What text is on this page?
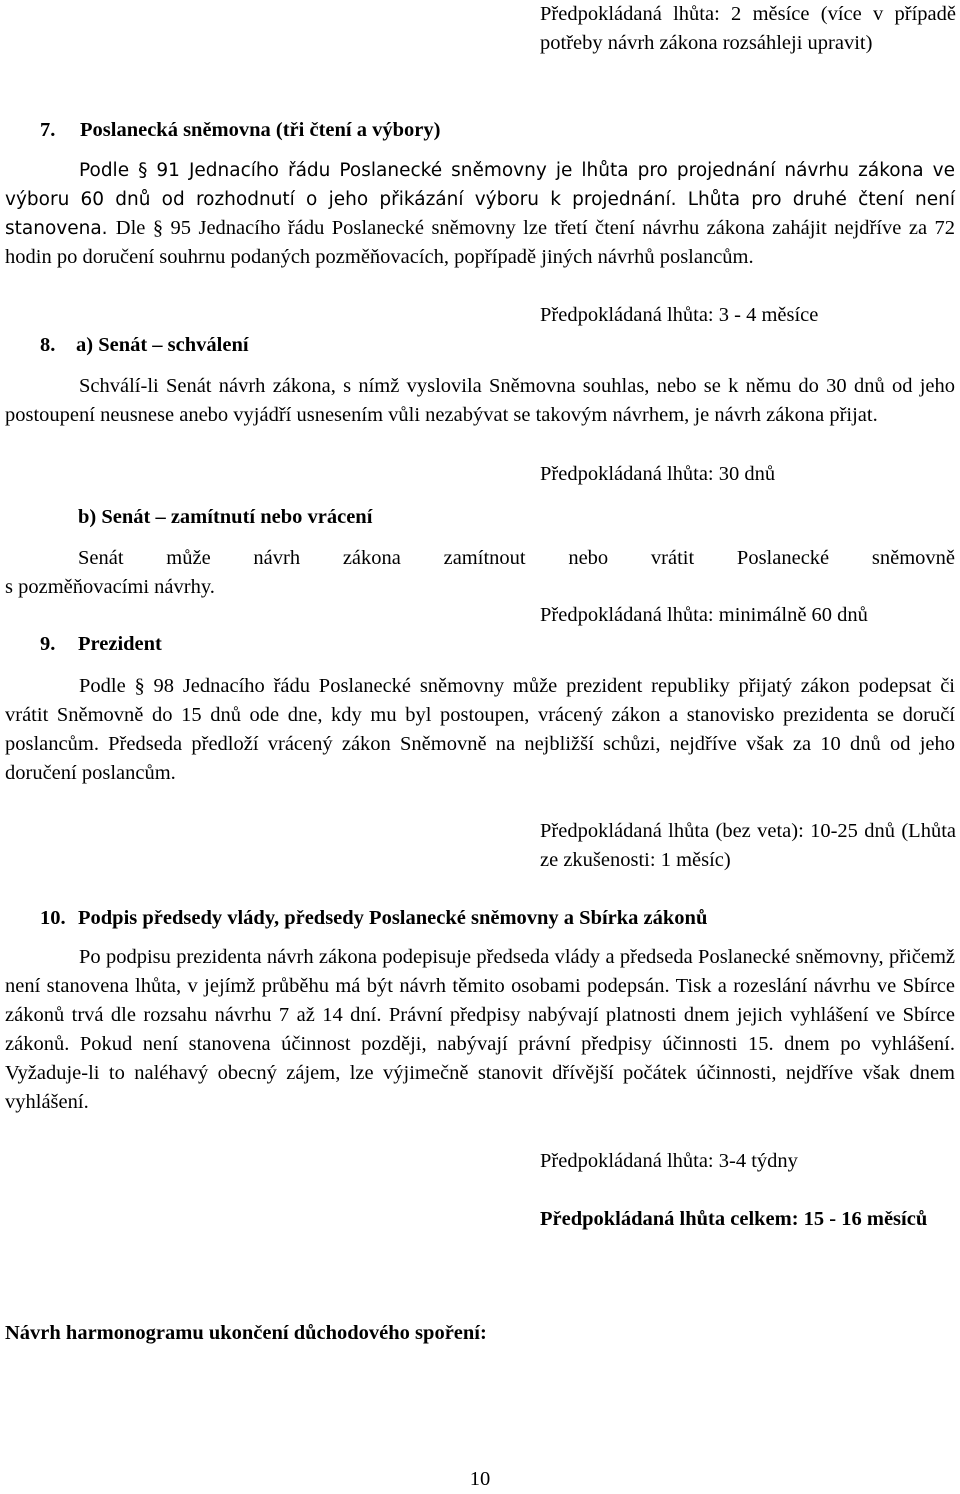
Předpokládaná lhůta: 2 měsíce (více v případě potřeby návrh zákona rozsáhleji upravit)

7. Poslanecká sněmovna (tři čtení a výbory)
Podle § 91 Jednacího řádu Poslanecké sněmovny je lhůta pro projednání návrhu zákona ve výboru 60 dnů od rozhodnutí o jeho přikázání výboru k projednání. Lhůta pro druhé čtení není stanovena. Dle § 95 Jednacího řádu Poslanecké sněmovny lze třetí čtení návrhu zákona zahájit nejdříve za 72 hodin po doručení souhrnu podaných pozměňovacích, popřípadě jiných návrhů poslancům.

Předpokládaná lhůta: 3 - 4 měsíce

8. a) Senát – schválení

Schválí-li Senát návrh zákona, s nímž vyslovila Sněmovna souhlas, nebo se k němu do 30 dnů od jeho postoupení neusnese anebo vyjádří usnesením vůli nezabývat se takovým návrhem, je návrh zákona přijat.

Předpokládaná lhůta: 30 dnů

b) Senát – zamítnutí nebo vrácení

Senát může návrh zákona zamítnout nebo vrátit Poslanecké sněmovně

s pozměňovacími návrhy.

Předpokládaná lhůta: minimálně 60 dnů

9. Prezident

Podle § 98 Jednacího řádu Poslanecké sněmovny může prezident republiky přijatý zákon podepsat či vrátit Sněmovně do 15 dnů ode dne, kdy mu byl postoupen, vrácený zákon a stanovisko prezidenta se doručí poslancům. Předseda předloží vrácený zákon Sněmovně na nejbližší schůzi, nejdříve však za 10 dnů od jeho doručení poslancům.

Předpokládaná lhůta (bez veta): 10-25 dnů (Lhůta ze zkušenosti: 1 měsíc)

10. Podpis předsedy vlády, předsedy Poslanecké sněmovny a Sbírka zákonů

Po podpisu prezidenta návrh zákona podepisuje předseda vlády a předseda Poslanecké sněmovny, přičemž není stanovena lhůta, v jejímž průběhu má být návrh těmito osobami podepsán. Tisk a rozeslání návrhu ve Sbírce zákonů trvá dle rozsahu návrhu 7 až 14 dní. Právní předpisy nabývají platnosti dnem jejich vyhlášení ve Sbírce zákonů. Pokud není stanovena účinnost později, nabývají právní předpisy účinnosti 15. dnem po vyhlášení. Vyžaduje-li to naléhavý obecný zájem, lze výjimečně stanovit dřívější počátek účinnosti, nejdříve však dnem vyhlášení.

Předpokládaná lhůta: 3-4 týdny

Předpokládaná lhůta celkem: 15 - 16 měsíců

Návrh harmonogramu ukončení důchodového spoření:
10
